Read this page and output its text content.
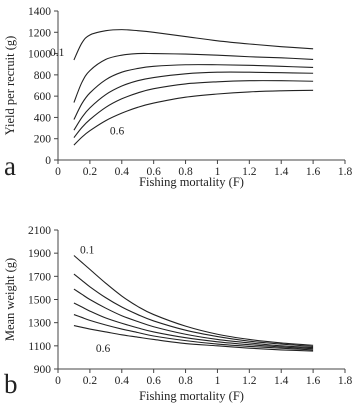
0 0.2 0.4 0.6 0.8 1 1.2 1.4 1.6 1.8
0
200
400
600
800
1000
1200
1400
Fishing mortality (F)
Yield per recruit (g)
a
0.1
0.6
0 0.2 0.4 0.6 0.8 1 1.2 1.4 1.6 1.8
900
1100
1300
1500
1700
1900
2100
Fishing mortality (F)
Mean weight (g)
b
0.1
0.6
